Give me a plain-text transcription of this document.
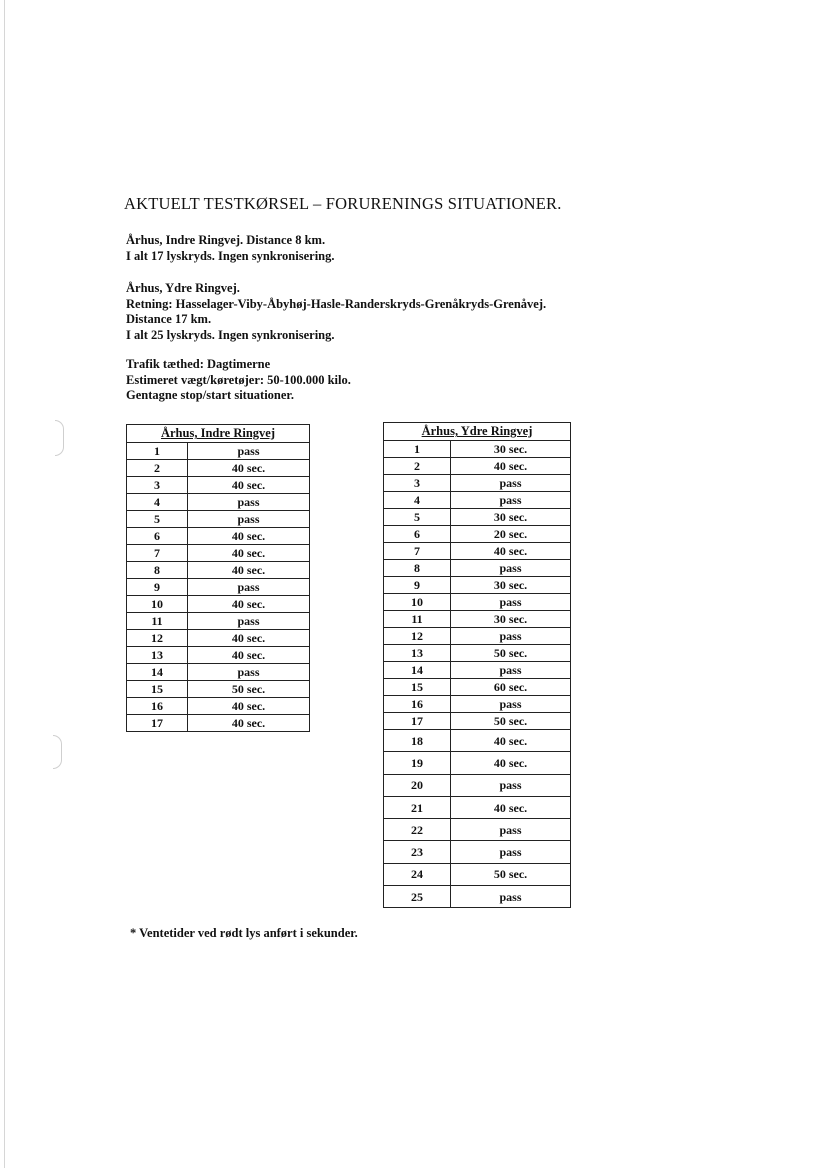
AKTUELT TESTKØRSEL – FORURENINGS SITUATIONER.
Århus, Indre Ringvej. Distance 8 km.
I alt 17 lyskryds. Ingen synkronisering.
Århus, Ydre Ringvej.
Retning: Hasselager-Viby-Åbyhøj-Hasle-Randerskryds-Grenåkryds-Grenåvej.
Distance 17 km.
I alt 25 lyskryds. Ingen synkronisering.
Trafik tæthed: Dagtimerne
Estimeret vægt/køretøjer: 50-100.000 kilo.
Gentagne stop/start situationer.
Århus, Indre Ringvej	
1	pass
2	40 sec.
3	40 sec.
4	pass
5	pass
6	40 sec.
7	40 sec.
8	40 sec.
9	pass
10	40 sec.
11	pass
12	40 sec.
13	40 sec.
14	pass
15	50 sec.
16	40 sec.
17	40 sec.
Århus, Ydre Ringvej	
1	30 sec.
2	40 sec.
3	pass
4	pass
5	30 sec.
6	20 sec.
7	40 sec.
8	pass
9	30 sec.
10	pass
11	30 sec.
12	pass
13	50 sec.
14	pass
15	60 sec.
16	pass
17	50 sec.
18	40 sec.
19	40 sec.
20	pass
21	40 sec.
22	pass
23	pass
24	50 sec.
25	pass
* Ventetider ved rødt lys anført i sekunder.
